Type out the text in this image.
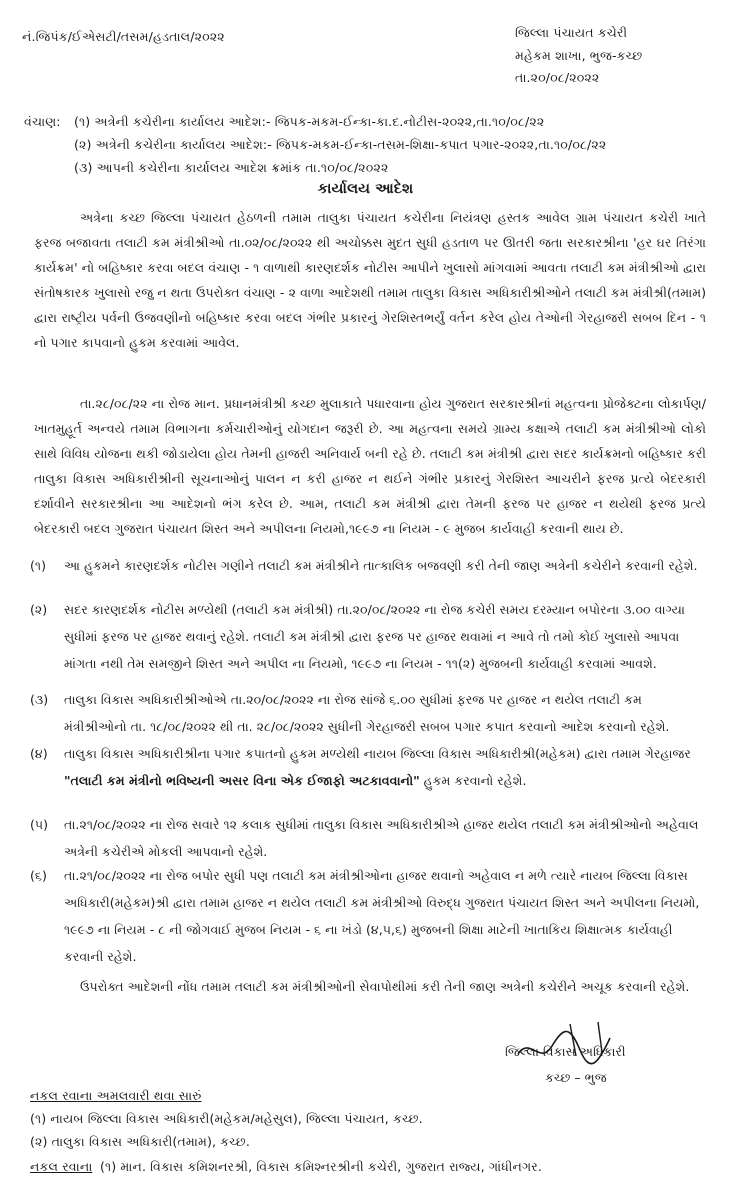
નં.જિપંક/ઈએસટી/તસમ/હડતાલ/૨૦૨૨	જિલ્લા પંચાયત કચેરી
મહેકમ શાખા, ભુજ-કચ્છ
તા.૨૦/૦૮/૨૦૨૨
વંચાણ: (૧) અત્રેની કચેરીના કાર્યાલય આદેશ:- જિપક-મકમ-ઈન્કા-કા.દ.નોટીસ-૨૦૨૨,તા.૧૦/૦૮/૨૨
(૨) અત્રેની કચેરીના કાર્યાલય આદેશ:- જિપક-મકમ-ઈન્કા-તસમ-શિક્ષા-કપાત પગાર-૨૦૨૨,તા.૧૦/૦૮/૨૨
(૩) આપની કચેરીના કાર્યાલય આદેશ ક્રમાંક તા.૧૦/૦૮/૨૦૨૨
કાર્યાલય આદેશ
અત્રેના કચ્છ જિલ્લા પંચાયત હેઠળની તમામ તાલુકા પંચાયત કચેરીના નિયંત્રણ હસ્તક આવેલ ગ્રામ પંચાયત કચેરી ખાતે ફરજ બજાવતા તલાટી કમ મંત્રીશ્રીઓ તા.૦૨/૦૮/૨૦૨૨ થી અચોક્કસ મુદત સુધી હડતાળ પર ઊતરી જતા સરકારશ્રીના 'હર ઘર તિરંગા કાર્યક્રમ' નો બહિષ્કાર કરવા બદલ વંચાણ - ૧ વાળાથી કારણદર્શક નોટીસ આપીને ખુલાસો માંગવામાં આવતા તલાટી કમ મંત્રીશ્રીઓ દ્વારા સંતોષકારક ખુલાસો રજુ ન થતા ઉપરોક્ત વંચાણ - ૨ વાળા આદેશથી તમામ તાલુકા વિકાસ અધિકારીશ્રીઓને તલાટી કમ મંત્રીશ્રી(તમામ) દ્વારા રાષ્ટ્રીય પર્વની ઉજવણીનો બહિષ્કાર કરવા બદલ ગંભીર પ્રકારનું ગેરશિસ્તભર્યું વર્તન કરેલ હોય તેઓની ગેરહાજરી સબબ દિન - ૧ નો પગાર કાપવાનો હુકમ કરવામાં આવેલ.
તા.૨૮/૦૮/૨૨ ના રોજ માન. પ્રધાનમંત્રીશ્રી કચ્છ મુલાકાતે પધારવાના હોય ગુજરાત સરકારશ્રીનાં મહત્વના પ્રોજેક્ટના લોકાર્પણ/ખાતમુહૂર્ત અન્વયે તમામ વિભાગના કર્મચારીઓનું યોગદાન જરૂરી છે. આ મહત્વના સમયે ગ્રામ્ય કક્ષાએ તલાટી કમ મંત્રીશ્રીઓ લોકો સાથે વિવિધ યોજના થકી જોડાયેલા હોય તેમની હાજરી અનિવાર્ય બની રહે છે. તલાટી કમ મંત્રીશ્રી દ્વારા સદર કાર્યક્રમનો બહિષ્કાર કરી તાલુકા વિકાસ અધિકારીશ્રીની સૂચનાઓનું પાલન ન કરી હાજર ન થઈને ગંભીર પ્રકારનું ગેરશિસ્ત આચરીને ફરજ પ્રત્યે બેદરકારી દર્શાવીને સરકારશ્રીના આ આદેશનો ભંગ કરેલ છે. આમ, તલાટી કમ મંત્રીશ્રી દ્વારા તેમની ફરજ પર હાજર ન થયેથી ફરજ પ્રત્યે બેદરકારી બદલ ગુજરાત પંચાયત શિસ્ત અને અપીલના નિયમો,૧૯૯૭ ના નિયમ - ૯ મુજબ કાર્યવાહી કરવાની થાય છે.
(૧)	આ હુકમને કારણદર્શક નોટીસ ગણીને તલાટી કમ મંત્રીશ્રીને તાત્કાલિક બજવણી કરી તેની જાણ અત્રેની કચેરીને કરવાની રહેશે.
(૨)	સદર કારણદર્શક નોટીસ મળ્યેથી (તલાટી કમ મંત્રીશ્રી) તા.૨૦/૦૮/૨૦૨૨ ના રોજ કચેરી સમય દરમ્યાન બપોરના ૩.૦૦ વાગ્યા સુધીમાં ફરજ પર હાજર થવાનું રહેશે. તલાટી કમ મંત્રીશ્રી દ્વારા ફરજ પર હાજર થવામાં ન આવે તો તમો કોઈ ખુલાસો આપવા માંગતા નથી તેમ સમજીને શિસ્ત અને અપીલ ના નિયમો, ૧૯૯૭ ના નિયમ - ૧૧(૨) મુજબની કાર્યવાહી કરવામાં આવશે.
(૩)	તાલુકા વિકાસ અધિકારીશ્રીઓએ તા.૨૦/૦૮/૨૦૨૨ ના રોજ સાંજે ૬.૦૦ સુધીમાં ફરજ પર હાજર ન થયેલ તલાટી કમ મંત્રીશ્રીઓનો તા. ૧૮/૦૮/૨૦૨૨ થી તા. ૨૮/૦૮/૨૦૨૨ સુધીની ગેરહાજરી સબબ પગાર કપાત કરવાનો આદેશ કરવાનો રહેશે.
(૪)	તાલુકા વિકાસ અધિકારીશ્રીના પગાર કપાતનો હુકમ મળ્યેથી નાયબ જિલ્લા વિકાસ અધિકારીશ્રી(મહેકમ) દ્વારા તમામ ગેરહાજર
"તલાટી કમ મંત્રીનો ભવિષ્યની અસર વિના એક ઈજાફો અટકાવવાનો" હુકમ કરવાનો રહેશે.
(૫)	તા.૨૧/૦૮/૨૦૨૨ ના રોજ સવારે ૧૨ કલાક સુધીમાં તાલુકા વિકાસ અધિકારીશ્રીએ હાજર થયેલ તલાટી કમ મંત્રીશ્રીઓનો અહેવાલ અત્રેની કચેરીએ મોકલી આપવાનો રહેશે.
(૬)	તા.૨૧/૦૮/૨૦૨૨ ના રોજ બપોર સુધી પણ તલાટી કમ મંત્રીશ્રીઓના હાજર થવાનો અહેવાલ ન મળે ત્યારે નાયબ જિલ્લા વિકાસ અધિકારી(મહેકમ)શ્રી દ્વારા તમામ હાજર ન થયેલ તલાટી કમ મંત્રીશ્રીઓ વિરુદ્ધ ગુજરાત પંચાયત શિસ્ત અને અપીલના નિયમો, ૧૯૯૭ ના નિયમ - ૮ ની જોગવાઈ મુજબ નિયમ - ૬ ના ખંડો (૪,૫,૬) મુજબની શિક્ષા માટેની ખાતાકિય શિક્ષાત્મક કાર્યવાહી કરવાની રહેશે.
ઉપરોક્ત આદેશની નોંધ તમામ તલાટી કમ મંત્રીશ્રીઓની સેવાપોથીમાં કરી તેની જાણ અત્રેની કચેરીને અચૂક કરવાની રહેશે.
જિલ્લા વિકાસ અધિકારી
કચ્છ – ભુજ
નકલ રવાના અમલવારી થવા સારું
(૧) નાયબ જિલ્લા વિકાસ અધિકારી(મહેકમ/મહેસુલ), જિલ્લા પંચાયત, કચ્છ.
(૨) તાલુકા વિકાસ અધિકારી(તમામ), કચ્છ.
નકલ રવાના (૧) માન. વિકાસ કમિશનરશ્રી, વિકાસ કમિશ્નરશ્રીની કચેરી, ગુજરાત રાજ્ય, ગાંધીનગર.
